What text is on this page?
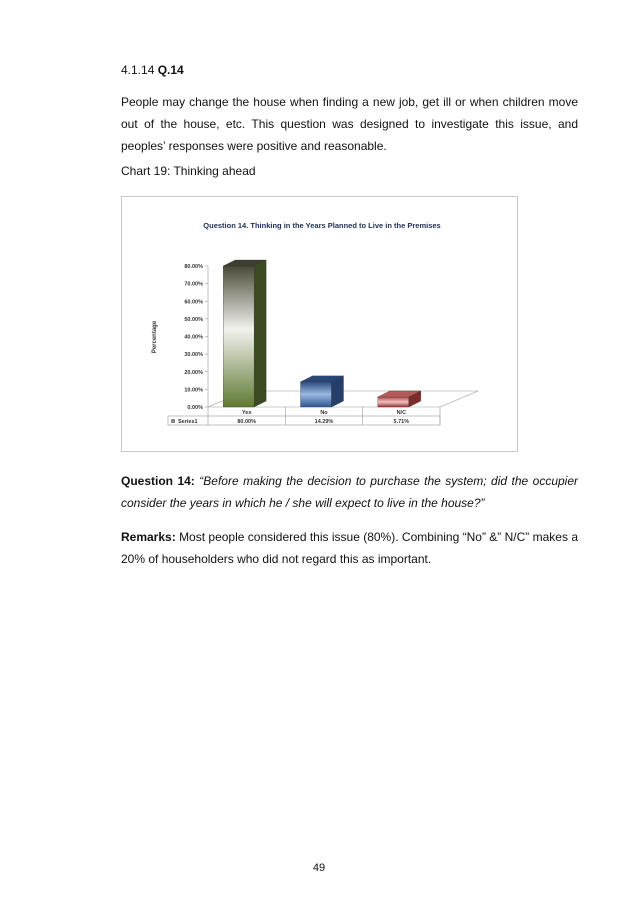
4.1.14 Q.14
People may change the house when finding a new job, get ill or when children move out of the house, etc. This question was designed to investigate this issue, and peoples’ responses were positive and reasonable.
Chart 19: Thinking ahead
Question 14. Thinking in the Years Planned to Live in the Premises
Percentage
0.00%
10.00%
20.00%
30.00%
40.00%
50.00%
60.00%
70.00%
80.00%
Yes
80.00%
No
14.29%
N/C
5.71%
Series1
Question 14: “Before making the decision to purchase the system; did the occupier consider the years in which he / she will expect to live in the house?”
Remarks: Most people considered this issue (80%). Combining “No” &” N/C” makes a 20% of householders who did not regard this as important.
49
